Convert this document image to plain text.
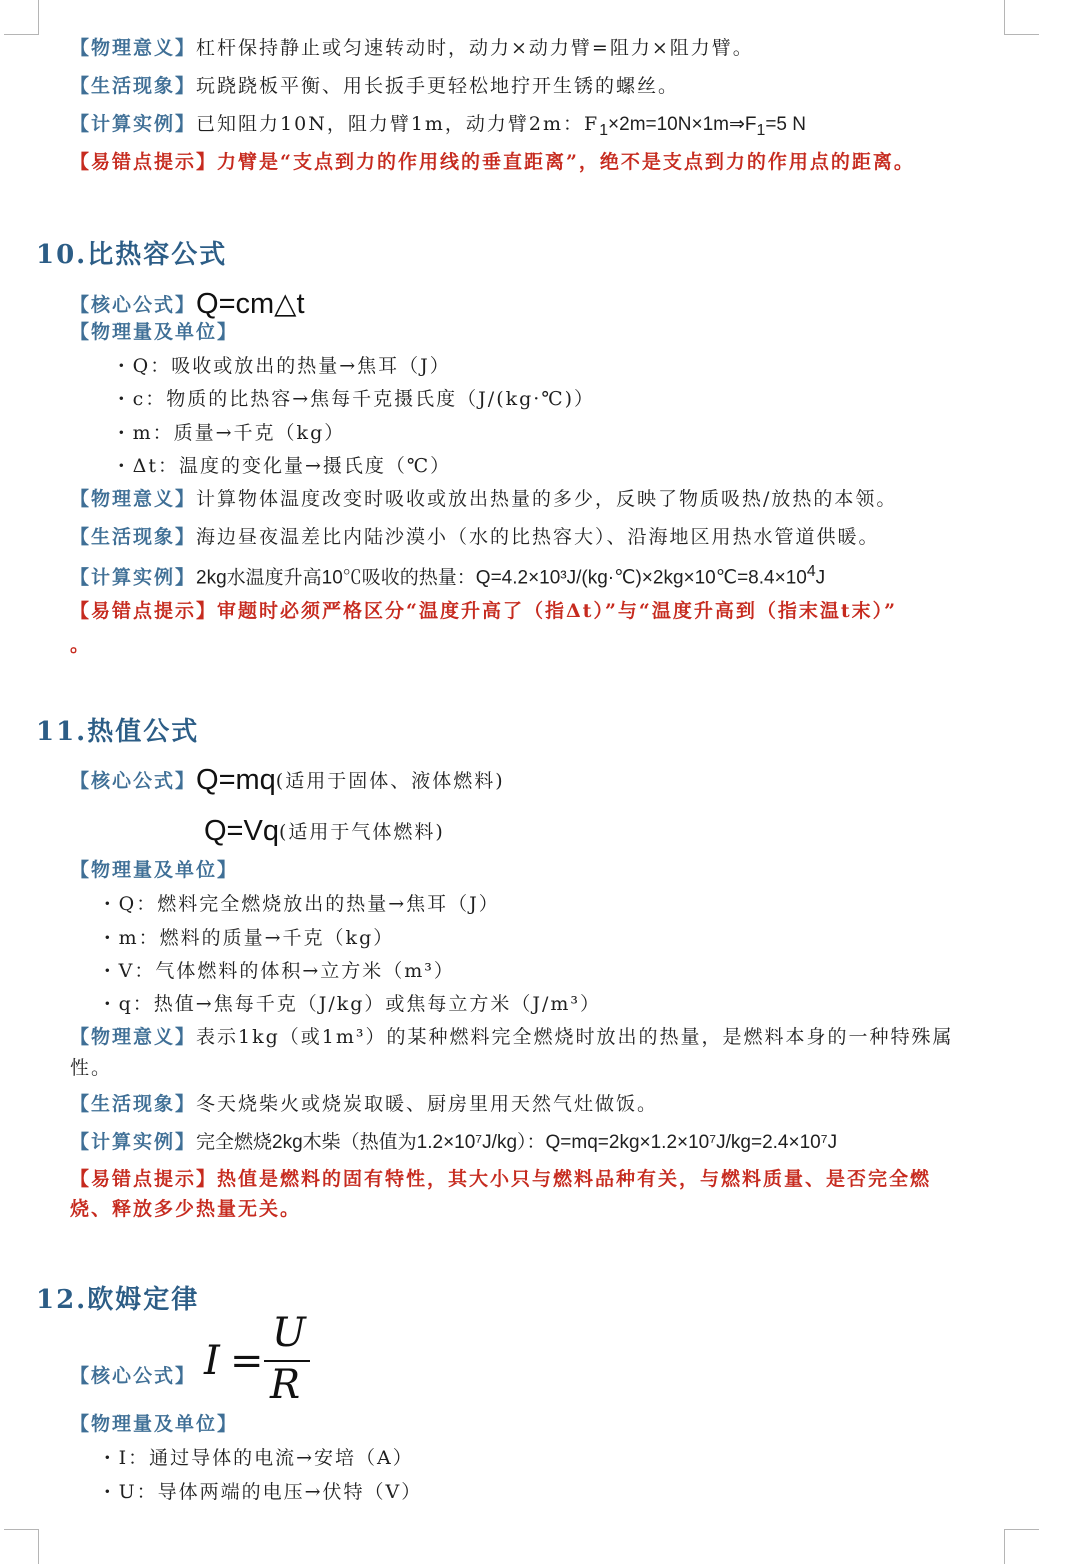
【物理意义】杠杆保持静止或匀速转动时，动力×动力臂=阻力×阻力臂。
【生活现象】玩跷跷板平衡、用长扳手更轻松地拧开生锈的螺丝。
【计算实例】已知阻力10N，阻力臂1m，动力臂2m：$F_1\times 2m=10N\times 1m\Rightarrow F_1=5$ N
【易错点提示】力臂是“支点到力的作用线的垂直距离”，绝不是支点到力的作用点的距离。
10.比热容公式
【核心公式】Q=cm△t
【物理量及单位】
· Q：吸收或放出的热量→焦耳（J）
· c：物质的比热容→焦每千克摄氏度（J/(kg·℃)）
· m：质量→千克（kg）
· Δt：温度的变化量→摄氏度（℃）
【物理意义】计算物体温度改变时吸收或放出热量的多少，反映了物质吸热/放热的本领。
【生活现象】海边昼夜温差比内陆沙漠小（水的比热容大）、沿海地区用热水管道供暖。
【计算实例】2kg水温度升高10℃吸收的热量：$Q=4.2\times 10^3J/(kg\cdot℃)\times 2kg\times 10℃=8.4\times 10^4J$
【易错点提示】审题时必须严格区分“温度升高了（指Δt）”与“温度升高到（指末温t末）”
。
11.热值公式
【核心公式】Q=mq(适用于固体、液体燃料)
Q=Vq(适用于气体燃料)
【物理量及单位】
· Q：燃料完全燃烧放出的热量→焦耳（J）
· m：燃料的质量→千克（kg）
· V：气体燃料的体积→立方米（m³）
· q：热值→焦每千克（J/kg）或焦每立方米（J/m³）
【物理意义】表示1kg（或1m³）的某种燃料完全燃烧时放出的热量，是燃料本身的一种特殊属
性。
【生活现象】冬天烧柴火或烧炭取暖、厨房里用天然气灶做饭。
【计算实例】完全燃烧2kg木柴（热值为1.2×10⁷J/kg）：Q=mq=2kg×1.2×10⁷J/kg=2.4×10⁷J
【易错点提示】热值是燃料的固有特性，其大小只与燃料品种有关，与燃料质量、是否完全燃
烧、释放多少热量无关。
12.欧姆定律
【核心公式】 I =
U
R
【物理量及单位】
· I：通过导体的电流→安培（A）
· U：导体两端的电压→伏特（V）
